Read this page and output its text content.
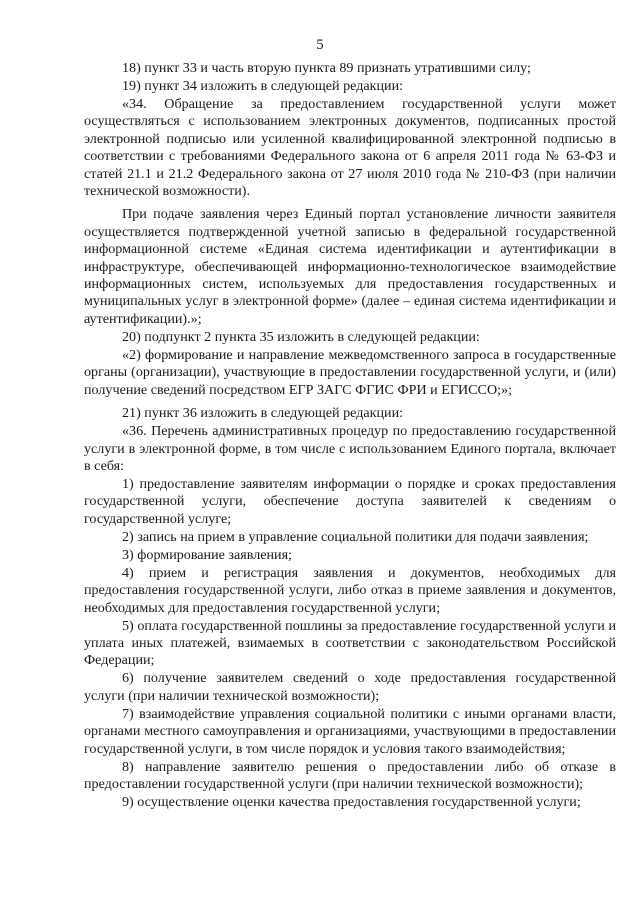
5

18) пункт 33 и часть вторую пункта 89 признать утратившими силу;

19) пункт 34 изложить в следующей редакции:

«34. Обращение за предоставлением государственной услуги может осуществляться с использованием электронных документов, подписанных простой электронной подписью или усиленной квалифицированной электронной подписью в соответствии с требованиями Федерального закона от 6 апреля 2011 года № 63-ФЗ и статей 21.1 и 21.2 Федерального закона от 27 июля 2010 года № 210-ФЗ (при наличии технической возможности).

При подаче заявления через Единый портал установление личности заявителя осуществляется подтвержденной учетной записью в федеральной государственной информационной системе «Единая система идентификации и аутентификации в инфраструктуре, обеспечивающей информационно-технологическое взаимодействие информационных систем, используемых для предоставления государственных и муниципальных услуг в электронной форме» (далее – единая система идентификации и аутентификации).»;

20) подпункт 2 пункта 35 изложить в следующей редакции:

«2) формирование и направление межведомственного запроса в государственные органы (организации), участвующие в предоставлении государственной услуги, и (или) получение сведений посредством ЕГР ЗАГС ФГИС ФРИ и ЕГИССО;»;

21) пункт 36 изложить в следующей редакции:

«36. Перечень административных процедур по предоставлению государственной услуги в электронной форме, в том числе с использованием Единого портала, включает в себя:

1) предоставление заявителям информации о порядке и сроках предоставления государственной услуги, обеспечение доступа заявителей к сведениям о государственной услуге;

2) запись на прием в управление социальной политики для подачи заявления;

3) формирование заявления;

4) прием и регистрация заявления и документов, необходимых для предоставления государственной услуги, либо отказ в приеме заявления и документов, необходимых для предоставления государственной услуги;

5) оплата государственной пошлины за предоставление государственной услуги и уплата иных платежей, взимаемых в соответствии с законодательством Российской Федерации;

6) получение заявителем сведений о ходе предоставления государственной услуги (при наличии технической возможности);

7) взаимодействие управления социальной политики с иными органами власти, органами местного самоуправления и организациями, участвующими в предоставлении государственной услуги, в том числе порядок и условия такого взаимодействия;

8) направление заявителю решения о предоставлении либо об отказе в предоставлении государственной услуги (при наличии технической возможности);

9) осуществление оценки качества предоставления государственной услуги;
